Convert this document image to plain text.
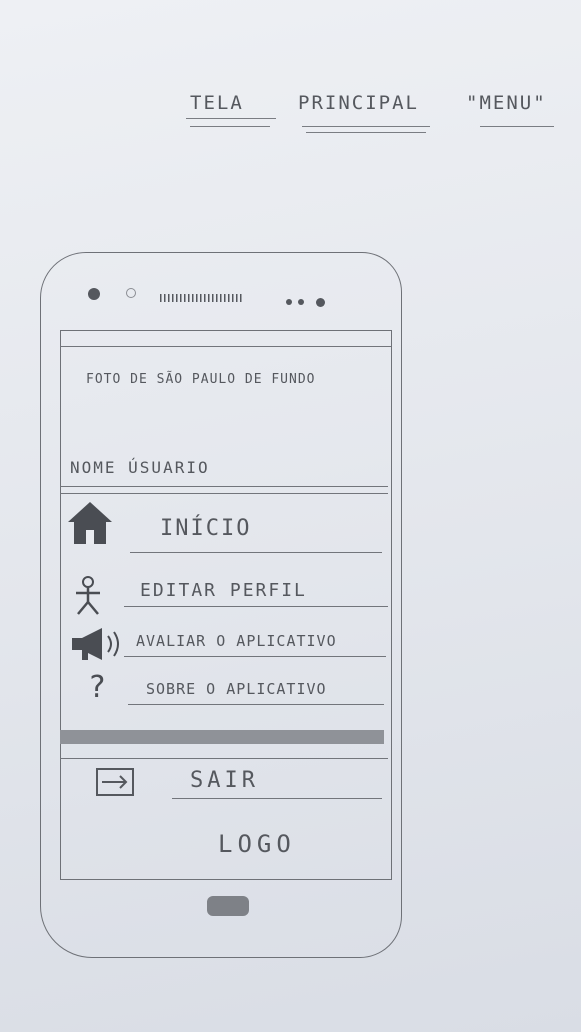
TELA	PRINCIPAL "MENU"
FOTO DE SÃO PAULO DE FUNDO
NOME ÚSUARIO
INÍCIO
EDITAR PERFIL
AVALIAR O APLICATIVO
?	SOBRE O APLICATIVO
SAIR
LOGO
